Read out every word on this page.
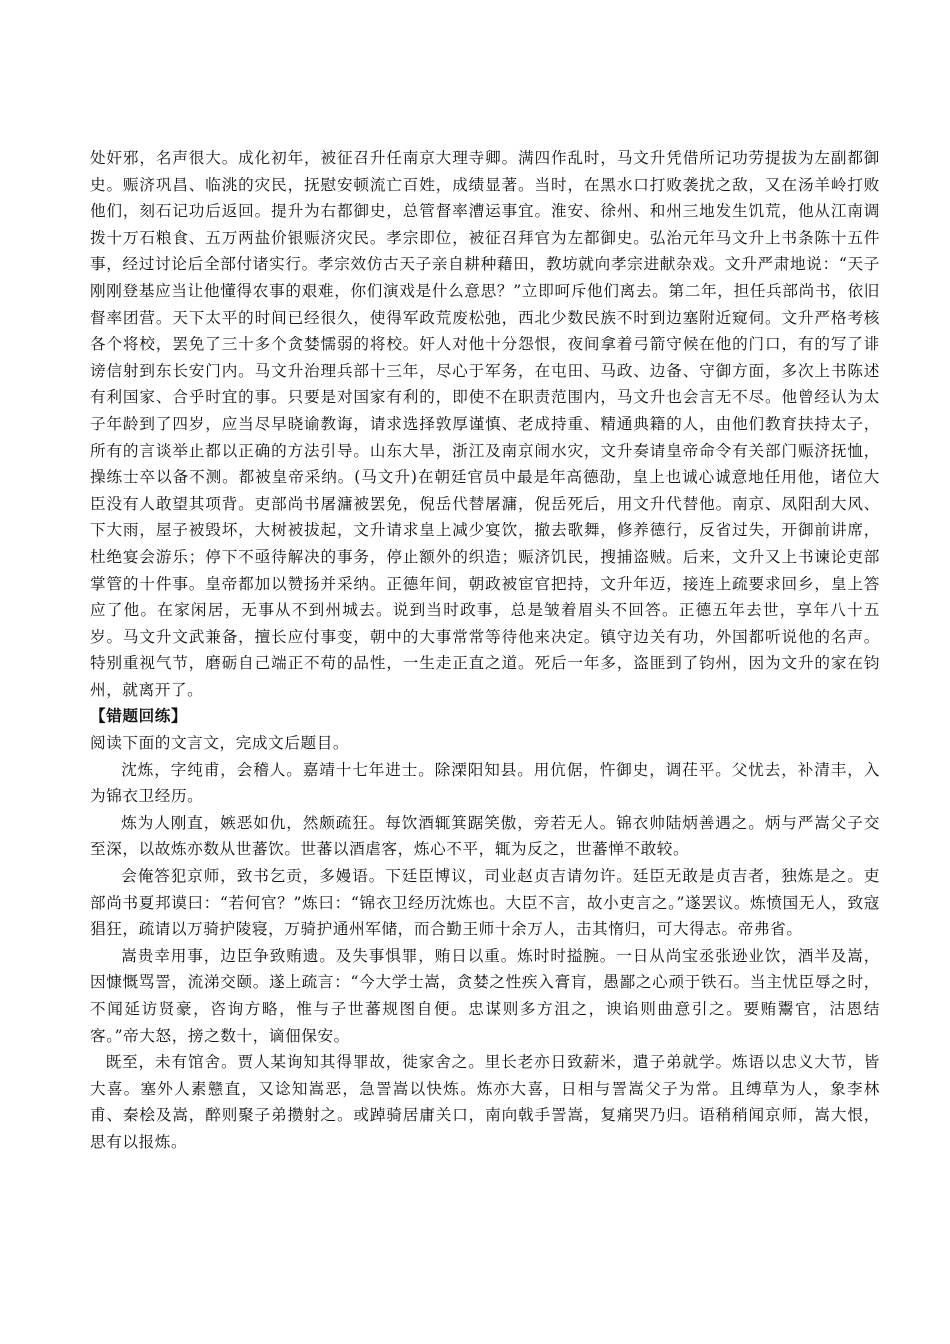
处奸邪，名声很大。成化初年，被征召升任南京大理寺卿。满四作乱时，马文升凭借所记功劳提拔为左副都御史。赈济巩昌、临洮的灾民，抚慰安顿流亡百姓，成绩显著。当时，在黑水口打败袭扰之敌，又在汤羊岭打败他们，刻石记功后返回。提升为右都御史，总管督率漕运事宜。淮安、徐州、和州三地发生饥荒，他从江南调拨十万石粮食、五万两盐价银赈济灾民。孝宗即位，被征召拜官为左都御史。弘治元年马文升上书条陈十五件事，经过讨论后全部付诸实行。孝宗效仿古天子亲自耕种藉田，教坊就向孝宗进献杂戏。文升严肃地说：“天子刚刚登基应当让他懂得农事的艰难，你们演戏是什么意思？”立即呵斥他们离去。第二年，担任兵部尚书，依旧督率团营。天下太平的时间已经很久，使得军政荒废松弛，西北少数民族不时到边塞附近窥伺。文升严格考核各个将校，罢免了三十多个贪婪懦弱的将校。奸人对他十分怨恨，夜间拿着弓箭守候在他的门口，有的写了诽谤信射到东长安门内。马文升治理兵部十三年，尽心于军务，在屯田、马政、边备、守御方面，多次上书陈述有利国家、合乎时宜的事。只要是对国家有利的，即使不在职责范围内，马文升也会言无不尽。他曾经认为太子年龄到了四岁，应当尽早晓谕教诲，请求选择敦厚谨慎、老成持重、精通典籍的人，由他们教育扶持太子，所有的言谈举止都以正确的方法引导。山东大旱，浙江及南京闹水灾，文升奏请皇帝命令有关部门赈济抚恤，操练士卒以备不测。都被皇帝采纳。(马文升)在朝廷官员中最是年高德劭，皇上也诚心诚意地任用他，诸位大臣没有人敢望其项背。吏部尚书屠滽被罢免，倪岳代替屠滽，倪岳死后，用文升代替他。南京、凤阳刮大风、下大雨，屋子被毁坏，大树被拔起，文升请求皇上减少宴饮，撤去歌舞，修养德行，反省过失，开御前讲席，杜绝宴会游乐；停下不亟待解决的事务，停止额外的织造；赈济饥民，搜捕盗贼。后来，文升又上书谏论吏部掌管的十件事。皇帝都加以赞扬并采纳。正德年间，朝政被宦官把持，文升年迈，接连上疏要求回乡，皇上答应了他。在家闲居，无事从不到州城去。说到当时政事，总是皱着眉头不回答。正德五年去世，享年八十五岁。马文升文武兼备，擅长应付事变，朝中的大事常常等待他来决定。镇守边关有功，外国都听说他的名声。特别重视气节，磨砺自己端正不苟的品性，一生走正直之道。死后一年多，盗匪到了钧州，因为文升的家在钧州，就离开了。

【错题回练】

阅读下面的文言文，完成文后题目。

沈炼，字纯甫，会稽人。嘉靖十七年进士。除溧阳知县。用伉倨，忤御史，调茌平。父忧去，补清丰，入为锦衣卫经历。

炼为人刚直，嫉恶如仇，然颇疏狂。每饮酒辄箕踞笑傲，旁若无人。锦衣帅陆炳善遇之。炳与严嵩父子交至深，以故炼亦数从世蕃饮。世蕃以酒虐客，炼心不平，辄为反之，世蕃惮不敢较。

会俺答犯京师，致书乞贡，多嫚语。下廷臣博议，司业赵贞吉请勿许。廷臣无敢是贞吉者，独炼是之。吏部尚书夏邦谟曰：“若何官？”炼曰：“锦衣卫经历沈炼也。大臣不言，故小吏言之。”遂罢议。炼愤国无人，致寇猖狂，疏请以万骑护陵寝，万骑护通州军储，而合勤王师十余万人，击其惰归，可大得志。帝弗省。

嵩贵幸用事，边臣争致贿遗。及失事惧罪，贿日以重。炼时时搤腕。一日从尚宝丞张逊业饮，酒半及嵩，因慷慨骂詈，流涕交颐。遂上疏言：“今大学士嵩，贪婪之性疾入膏肓，愚鄙之心顽于铁石。当主忧臣辱之时，不闻延访贤豪，咨询方略，惟与子世蕃规图自便。忠谋则多方沮之，谀谄则曲意引之。要贿鬻官，沽恩结客。”帝大怒，搒之数十，谪佃保安。

既至，未有馆舍。贾人某询知其得罪故，徙家舍之。里长老亦日致薪米，遣子弟就学。炼语以忠义大节，皆大喜。塞外人素戆直，又谂知嵩恶，急詈嵩以快炼。炼亦大喜，日相与詈嵩父子为常。且缚草为人，象李林甫、秦桧及嵩，醉则聚子弟攒射之。或踔骑居庸关口，南向戟手詈嵩，复痛哭乃归。语稍稍闻京师，嵩大恨，思有以报炼。
